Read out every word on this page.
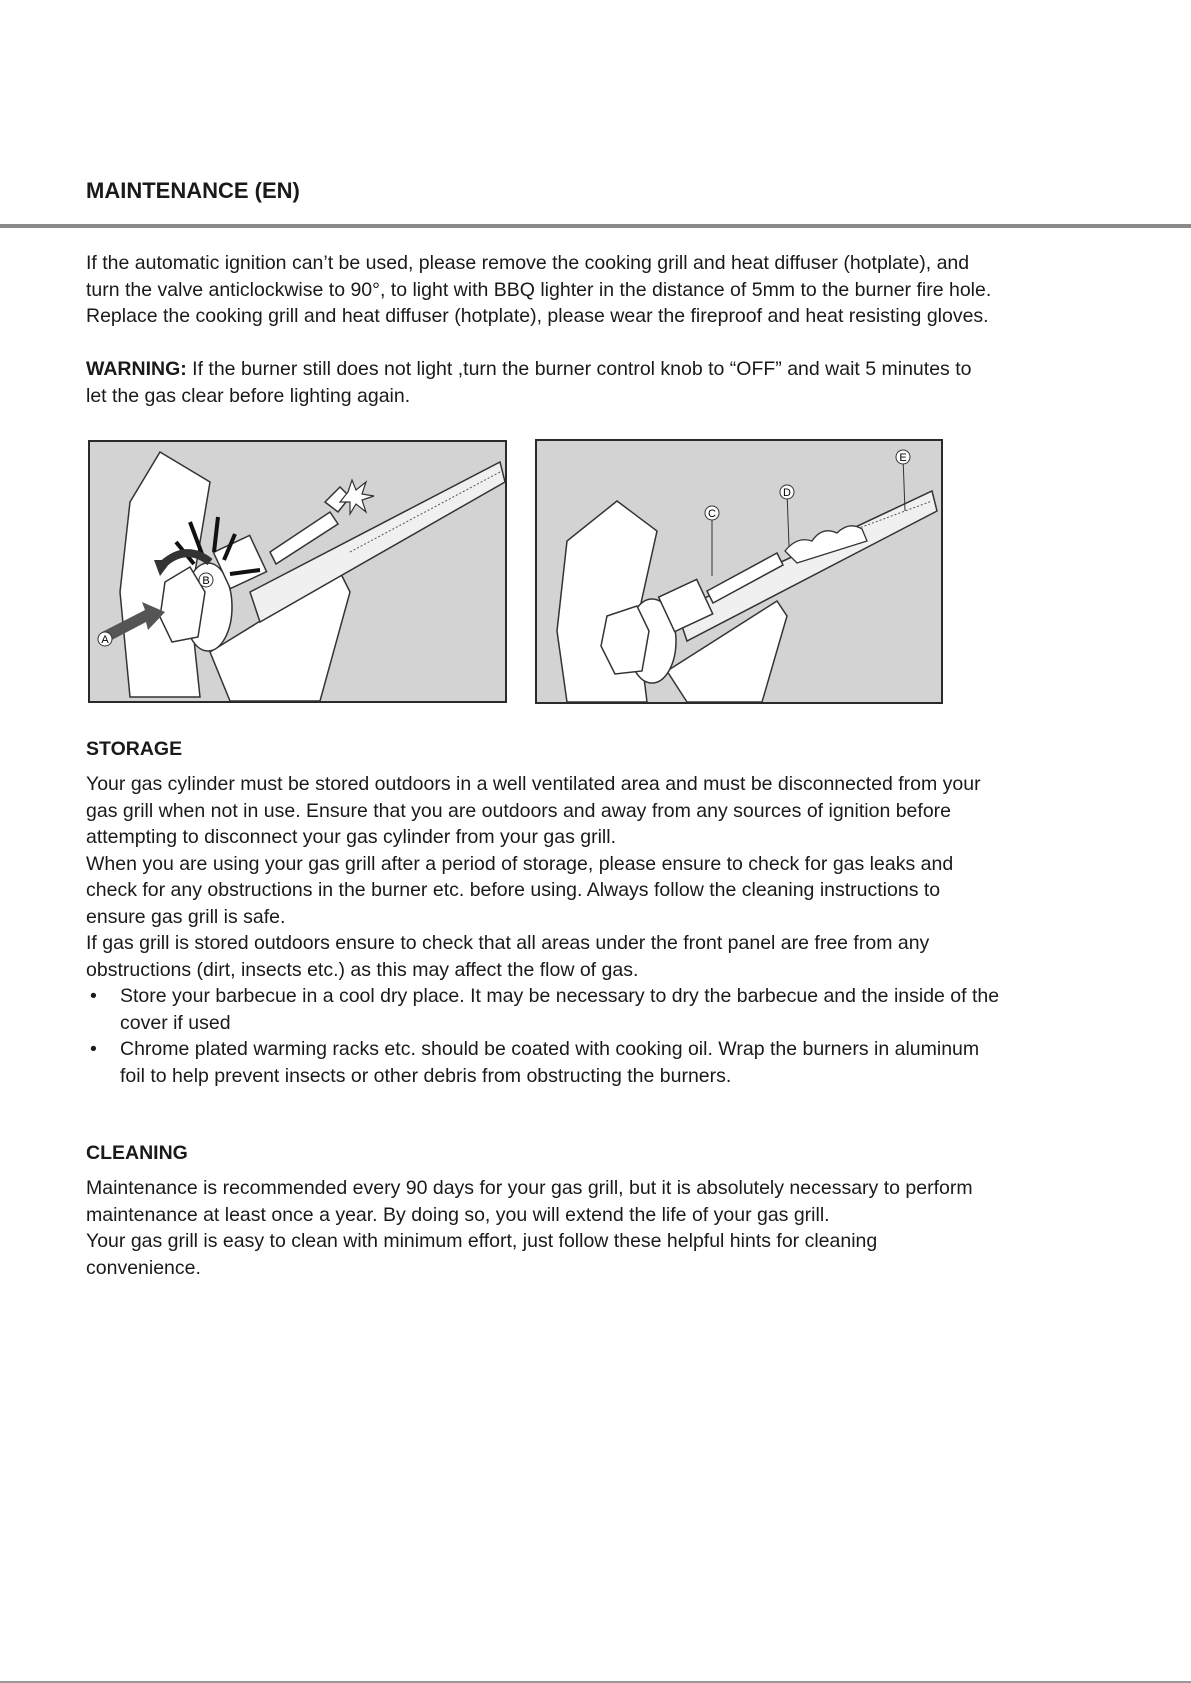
MAINTENANCE (EN)

If the automatic ignition can’t be used, please remove the cooking grill and heat diffuser (hotplate), and

turn the valve anticlockwise to 90°, to light with BBQ lighter in the distance of 5mm to the burner fire hole.

Replace the cooking grill and heat diffuser (hotplate), please wear the fireproof and heat resisting gloves.

WARNING: If the burner still does not light ,turn the burner control knob to “OFF” and wait 5 minutes to

let the gas clear before lighting again.

A
B
C
D
E
STORAGE

Your gas cylinder must be stored outdoors in a well ventilated area and must be disconnected from your

gas grill when not in use. Ensure that you are outdoors and away from any sources of ignition before

attempting to disconnect your gas cylinder from your gas grill.

When you are using your gas grill after a period of storage, please ensure to check for gas leaks and

check for any obstructions in the burner etc. before using. Always follow the cleaning instructions to

ensure gas grill is safe.

If gas grill is stored outdoors ensure to check that all areas under the front panel are free from any

obstructions (dirt, insects etc.) as this may affect the flow of gas.

• Store your barbecue in a cool dry place. It may be necessary to dry the barbecue and the inside of the
cover if used
• Chrome plated warming racks etc. should be coated with cooking oil. Wrap the burners in aluminum
foil to help prevent insects or other debris from obstructing the burners.
CLEANING

Maintenance is recommended every 90 days for your gas grill, but it is absolutely necessary to perform

maintenance at least once a year. By doing so, you will extend the life of your gas grill.

Your gas grill is easy to clean with minimum effort, just follow these helpful hints for cleaning

convenience.
